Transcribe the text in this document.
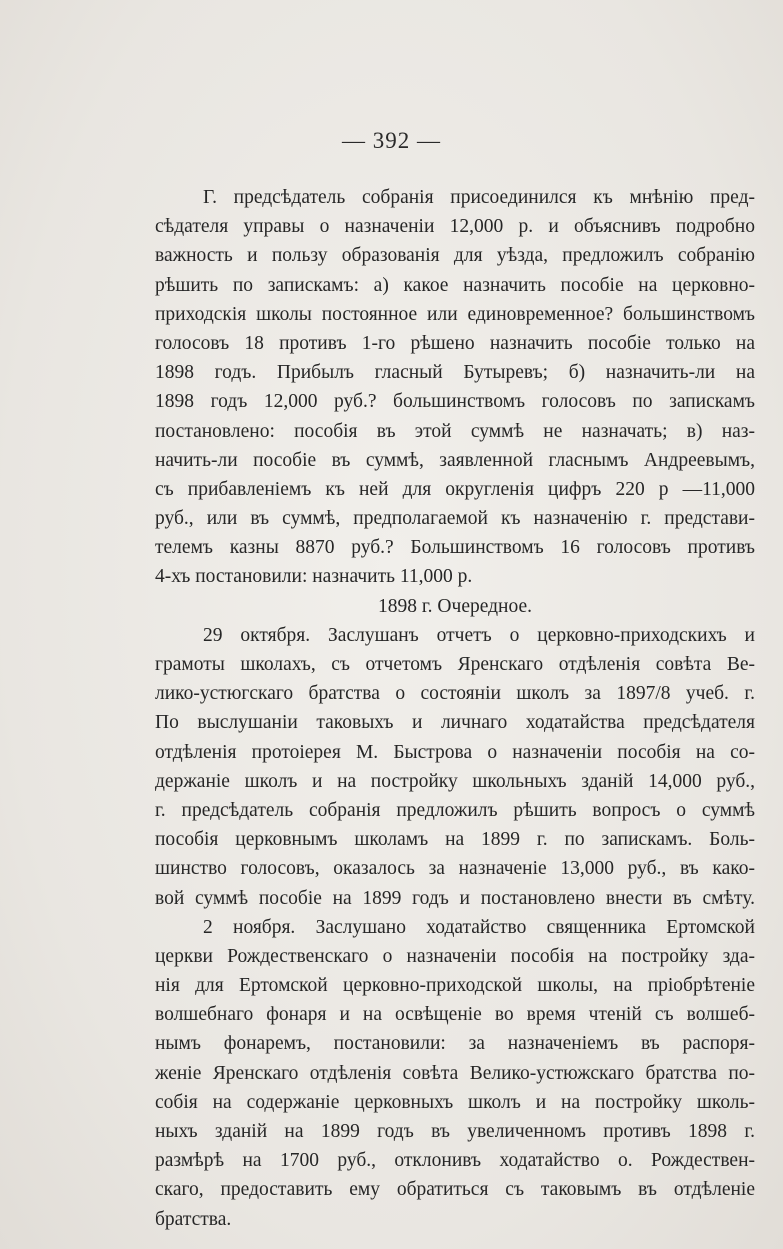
— 392 —
Г. предсѣдатель собранія присоединился къ мнѣнію пред-
сѣдателя управы о назначеніи 12,000 р. и объяснивъ подробно
важность и пользу образованія для уѣзда, предложилъ собранію
рѣшить по запискамъ: а) какое назначить пособіе на церковно-
приходскія школы постоянное или единовременное? большинствомъ
голосовъ 18 противъ 1-го рѣшено назначить пособіе только на
1898 годъ. Прибылъ гласный Бутыревъ; б) назначить-ли на
1898 годъ 12,000 руб.? большинствомъ голосовъ по запискамъ
постановлено: пособія въ этой суммѣ не назначать; в) наз-
начить-ли пособіе въ суммѣ, заявленной гласнымъ Андреевымъ,
съ прибавленіемъ къ ней для округленія цифръ 220 р —11,000
руб., или въ суммѣ, предполагаемой къ назначенію г. представи-
телемъ казны 8870 руб.? Большинствомъ 16 голосовъ противъ
4-хъ постановили: назначить 11,000 р.
1898 г. Очередное.
29 октября. Заслушанъ отчетъ о церковно-приходскихъ и
грамоты школахъ, съ отчетомъ Яренскаго отдѣленія совѣта Ве-
лико-устюгскаго братства о состояніи школъ за 1897/8 учеб. г.
По выслушаніи таковыхъ и личнаго ходатайства предсѣдателя
отдѣленія протоіерея М. Быстрова о назначеніи пособія на со-
держаніе школъ и на постройку школьныхъ зданій 14,000 руб.,
г. предсѣдатель собранія предложилъ рѣшить вопросъ о суммѣ
пособія церковнымъ школамъ на 1899 г. по запискамъ. Боль-
шинство голосовъ, оказалось за назначеніе 13,000 руб., въ како-
вой суммѣ пособіе на 1899 годъ и постановлено внести въ смѣту.
2 ноября. Заслушано ходатайство священника Ертомской
церкви Рождественскаго о назначеніи пособія на постройку зда-
нія для Ертомской церковно-приходской школы, на пріобрѣтеніе
волшебнаго фонаря и на освѣщеніе во время чтеній съ волшеб-
нымъ фонаремъ, постановили: за назначеніемъ въ распоря-
женіе Яренскаго отдѣленія совѣта Велико-устюжскаго братства по-
собія на содержаніе церковныхъ школъ и на постройку школь-
ныхъ зданій на 1899 годъ въ увеличенномъ противъ 1898 г.
размѣрѣ на 1700 руб., отклонивъ ходатайство о. Рождествен-
скаго, предоставить ему обратиться съ таковымъ въ отдѣленіе
братства.
